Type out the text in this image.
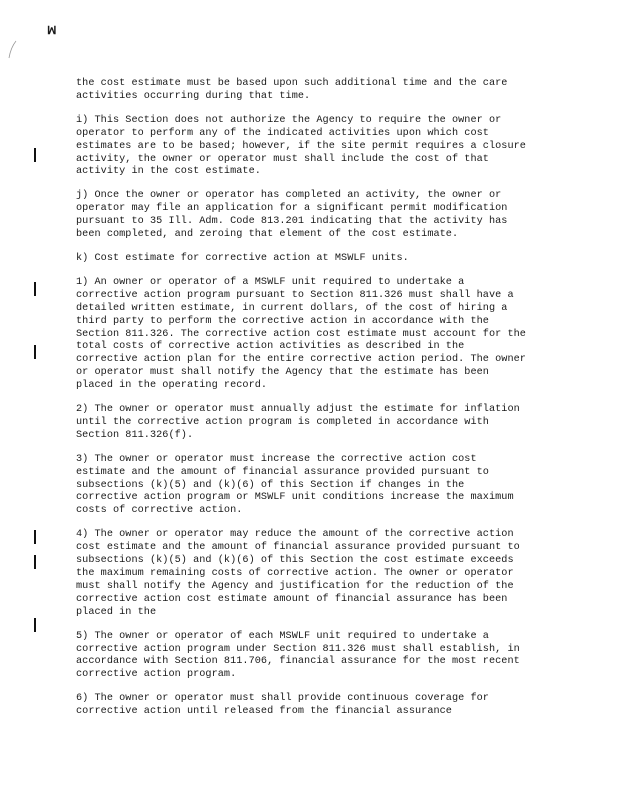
ꟽ

the cost estimate must be based upon such additional time and the care activities occurring during that time.

i) This Section does not authorize the Agency to require the owner or operator to perform any of the indicated activities upon which cost estimates are to be based; however, if the site permit requires a closure activity, the owner or operator must shall include the cost of that activity in the cost estimate.

j) Once the owner or operator has completed an activity, the owner or operator may file an application for a significant permit modification pursuant to 35 Ill. Adm. Code 813.201 indicating that the activity has been completed, and zeroing that element of the cost estimate.

k) Cost estimate for corrective action at MSWLF units.

1) An owner or operator of a MSWLF unit required to undertake a corrective action program pursuant to Section 811.326 must shall have a detailed written estimate, in current dollars, of the cost of hiring a third party to perform the corrective action in accordance with the Section 811.326. The corrective action cost estimate must account for the total costs of corrective action activities as described in the corrective action plan for the entire corrective action period. The owner or operator must shall notify the Agency that the estimate has been placed in the operating record.

2) The owner or operator must annually adjust the estimate for inflation until the corrective action program is completed in accordance with Section 811.326(f).

3) The owner or operator must increase the corrective action cost estimate and the amount of financial assurance provided pursuant to subsections (k)(5) and (k)(6) of this Section if changes in the corrective action program or MSWLF unit conditions increase the maximum costs of corrective action.

4) The owner or operator may reduce the amount of the corrective action cost estimate and the amount of financial assurance provided pursuant to subsections (k)(5) and (k)(6) of this Section the cost estimate exceeds the maximum remaining costs of corrective action. The owner or operator must shall notify the Agency and justification for the reduction of the corrective action cost estimate amount of financial assurance has been placed in the

5) The owner or operator of each MSWLF unit required to undertake a corrective action program under Section 811.326 must shall establish, in accordance with Section 811.706, financial assurance for the most recent corrective action program.

6) The owner or operator must shall provide continuous coverage for corrective action until released from the financial assurance
